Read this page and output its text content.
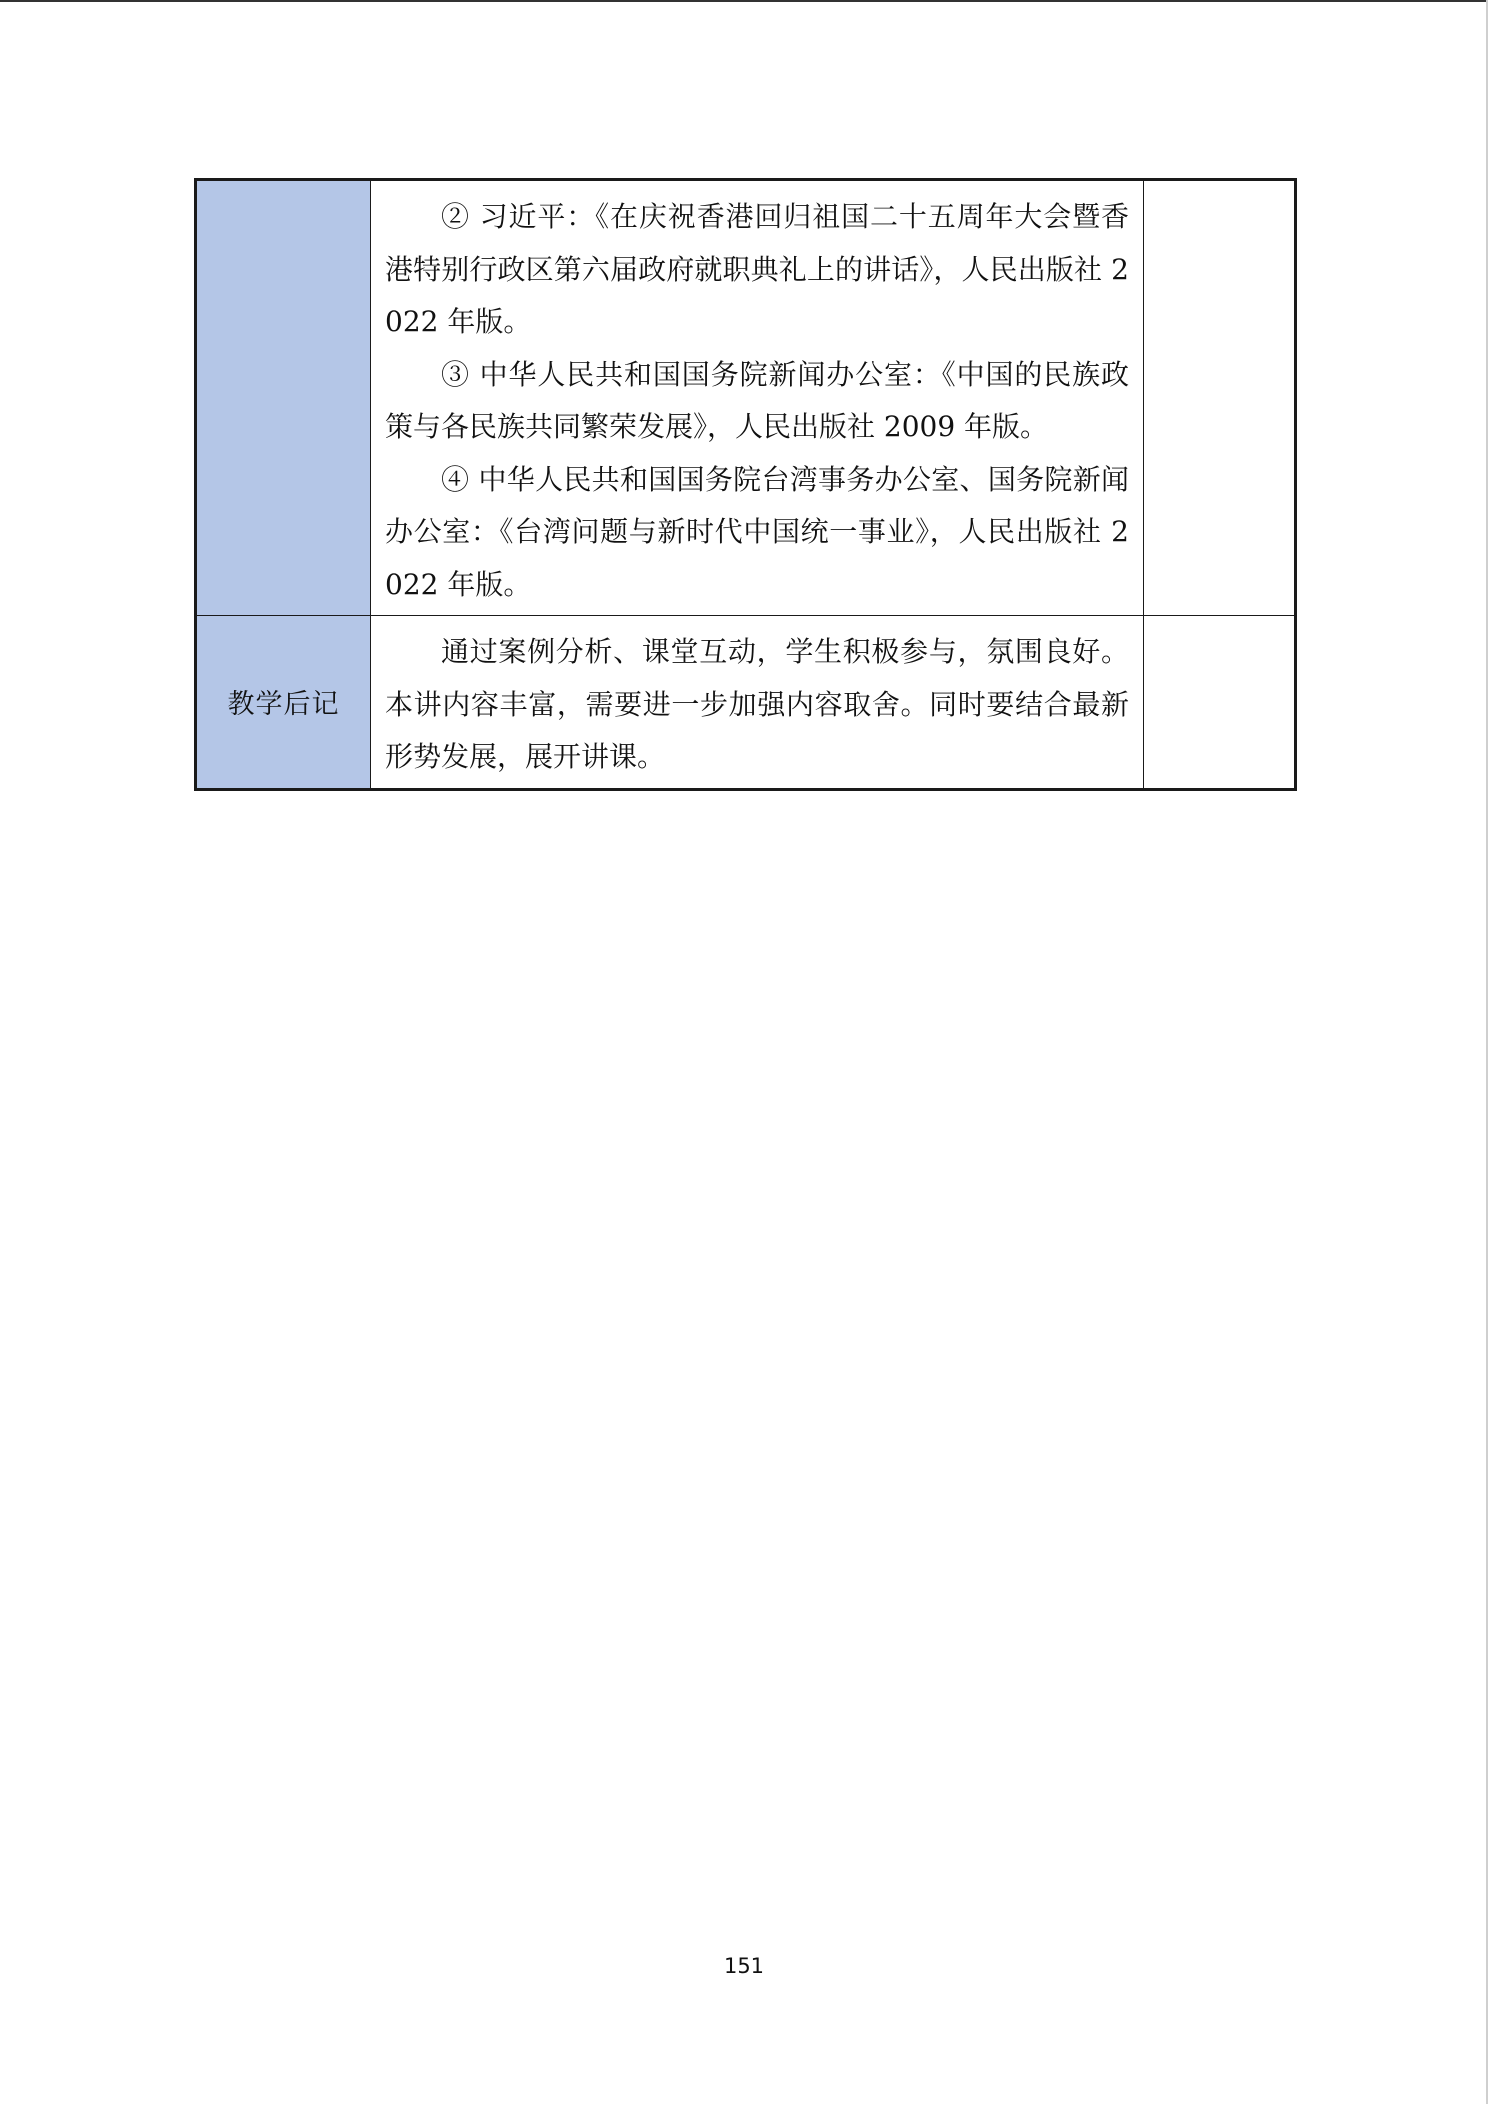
	② 习近平：《在庆祝香港回归祖国二十五周年大会暨香港特别行政区第六届政府就职典礼上的讲话》，人民出版社 2022 年版。

③ 中华人民共和国国务院新闻办公室：《中国的民族政策与各民族共同繁荣发展》，人民出版社 2009 年版。

④ 中华人民共和国国务院台湾事务办公室、国务院新闻办公室：《台湾问题与新时代中国统一事业》，人民出版社 2022 年版。	

教学后记	通过案例分析、课堂互动，学生积极参与，氛围良好。本讲内容丰富，需要进一步加强内容取舍。同时要结合最新形势发展，展开讲课。	

151
